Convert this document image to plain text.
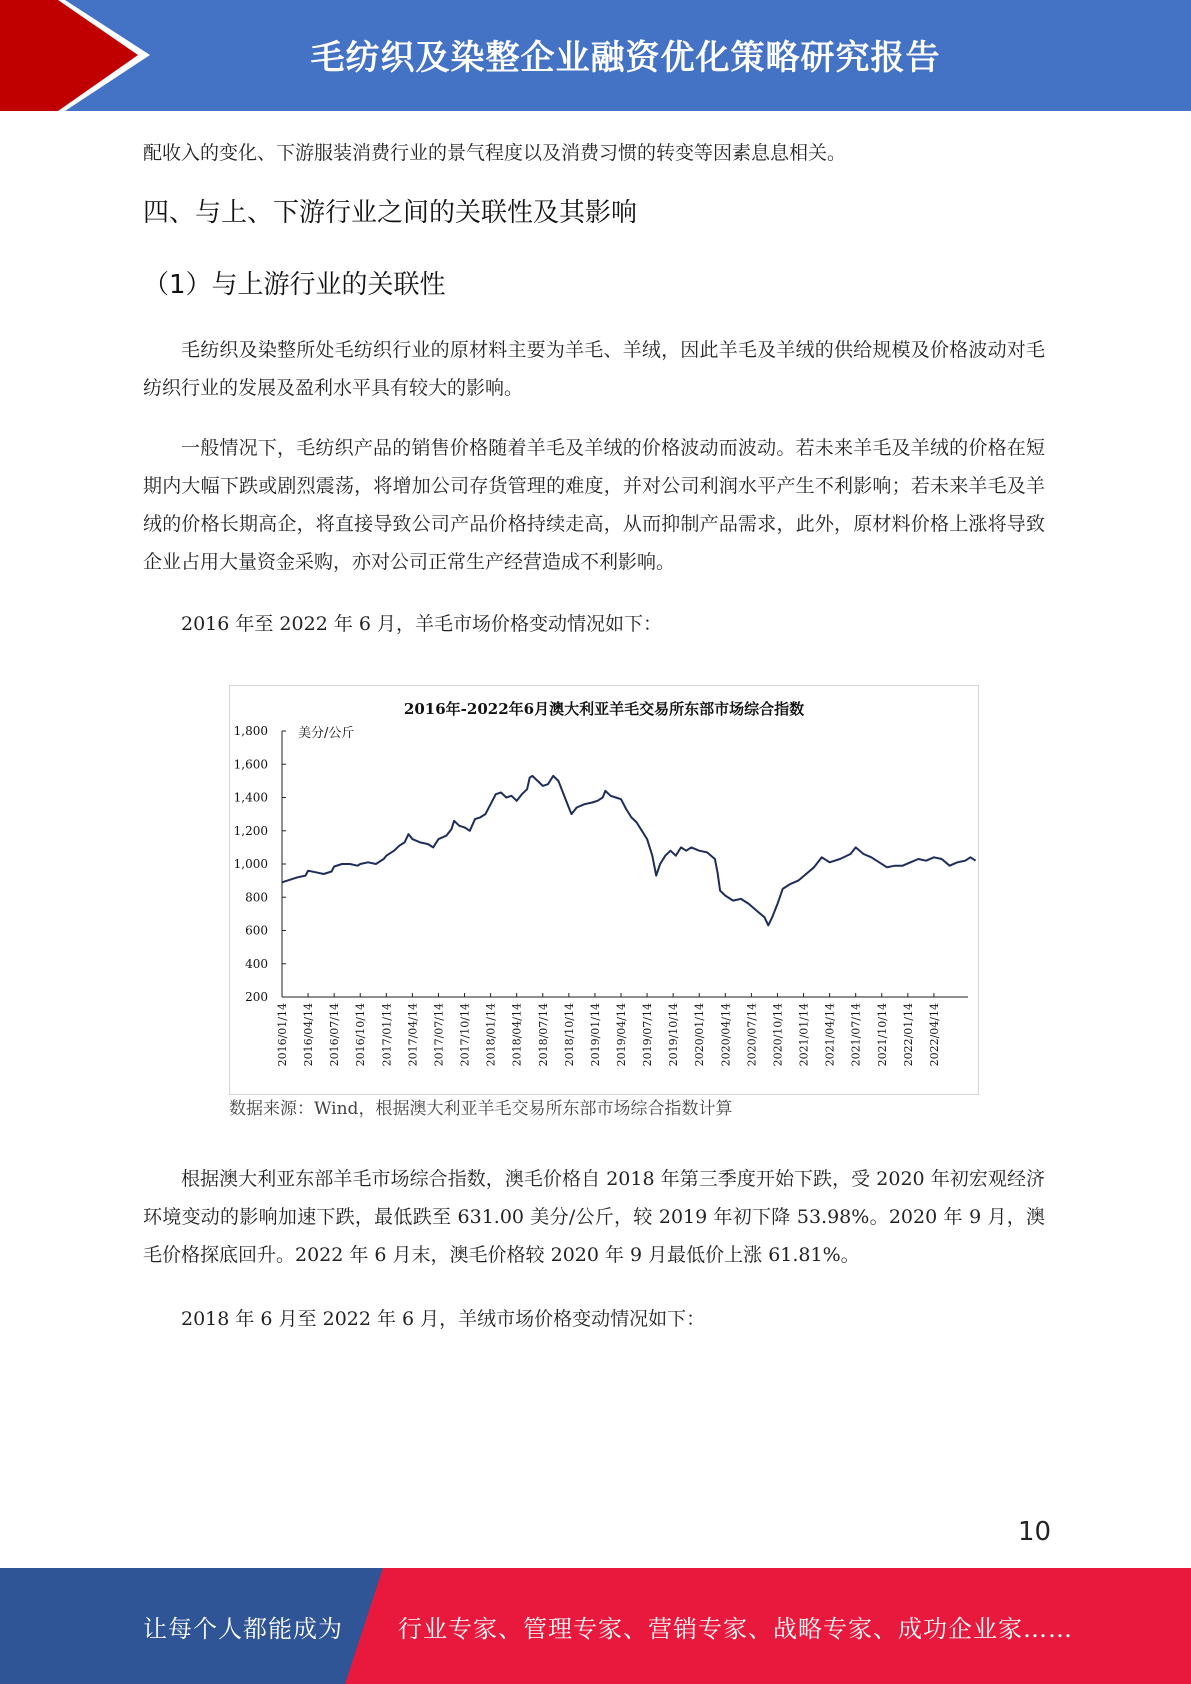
毛纺织及染整企业融资优化策略研究报告

配收入的变化、下游服装消费行业的景气程度以及消费习惯的转变等因素息息相关。

四、与上、下游行业之间的关联性及其影响
（1）与上游行业的关联性

毛纺织及染整所处毛纺织行业的原材料主要为羊毛、羊绒，因此羊毛及羊绒的供给规模及价格波动对毛纺织行业的发展及盈利水平具有较大的影响。

一般情况下，毛纺织产品的销售价格随着羊毛及羊绒的价格波动而波动。若未来羊毛及羊绒的价格在短期内大幅下跌或剧烈震荡，将增加公司存货管理的难度，并对公司利润水平产生不利影响；若未来羊毛及羊绒的价格长期高企，将直接导致公司产品价格持续走高，从而抑制产品需求，此外，原材料价格上涨将导致企业占用大量资金采购，亦对公司正常生产经营造成不利影响。

2016 年至 2022 年 6 月，羊毛市场价格变动情况如下：

根据澳大利亚东部羊毛市场综合指数，澳毛价格自 2018 年第三季度开始下跌，受 2020 年初宏观经济环境变动的影响加速下跌，最低跌至 631.00 美分/公斤，较 2019 年初下降 53.98%。2020 年 9 月，澳毛价格探底回升。2022 年 6 月末，澳毛价格较 2020 年 9 月最低价上涨 61.81%。

2018 年 6 月至 2022 年 6 月，羊绒市场价格变动情况如下：

2016年-2022年6月澳大利亚羊毛交易所东部市场综合指数
美分/公斤
200
400
600
800
1,000
1,200
1,400
1,600
1,800
2016/01/14 2016/04/14 2016/07/14 2016/10/14 2017/01/14 2017/04/14 2017/07/14 2017/10/14 2018/01/14 2018/04/14 2018/07/14 2018/10/14 2019/01/14 2019/04/14 2019/07/14 2019/10/14 2020/01/14 2020/04/14 2020/07/14 2020/10/14 2021/01/14 2021/04/14 2021/07/14 2021/10/14 2022/01/14 2022/04/14
数据来源：Wind，根据澳大利亚羊毛交易所东部市场综合指数计算
10
让每个人都能成为 行业专家、管理专家、营销专家、战略专家、成功企业家……
